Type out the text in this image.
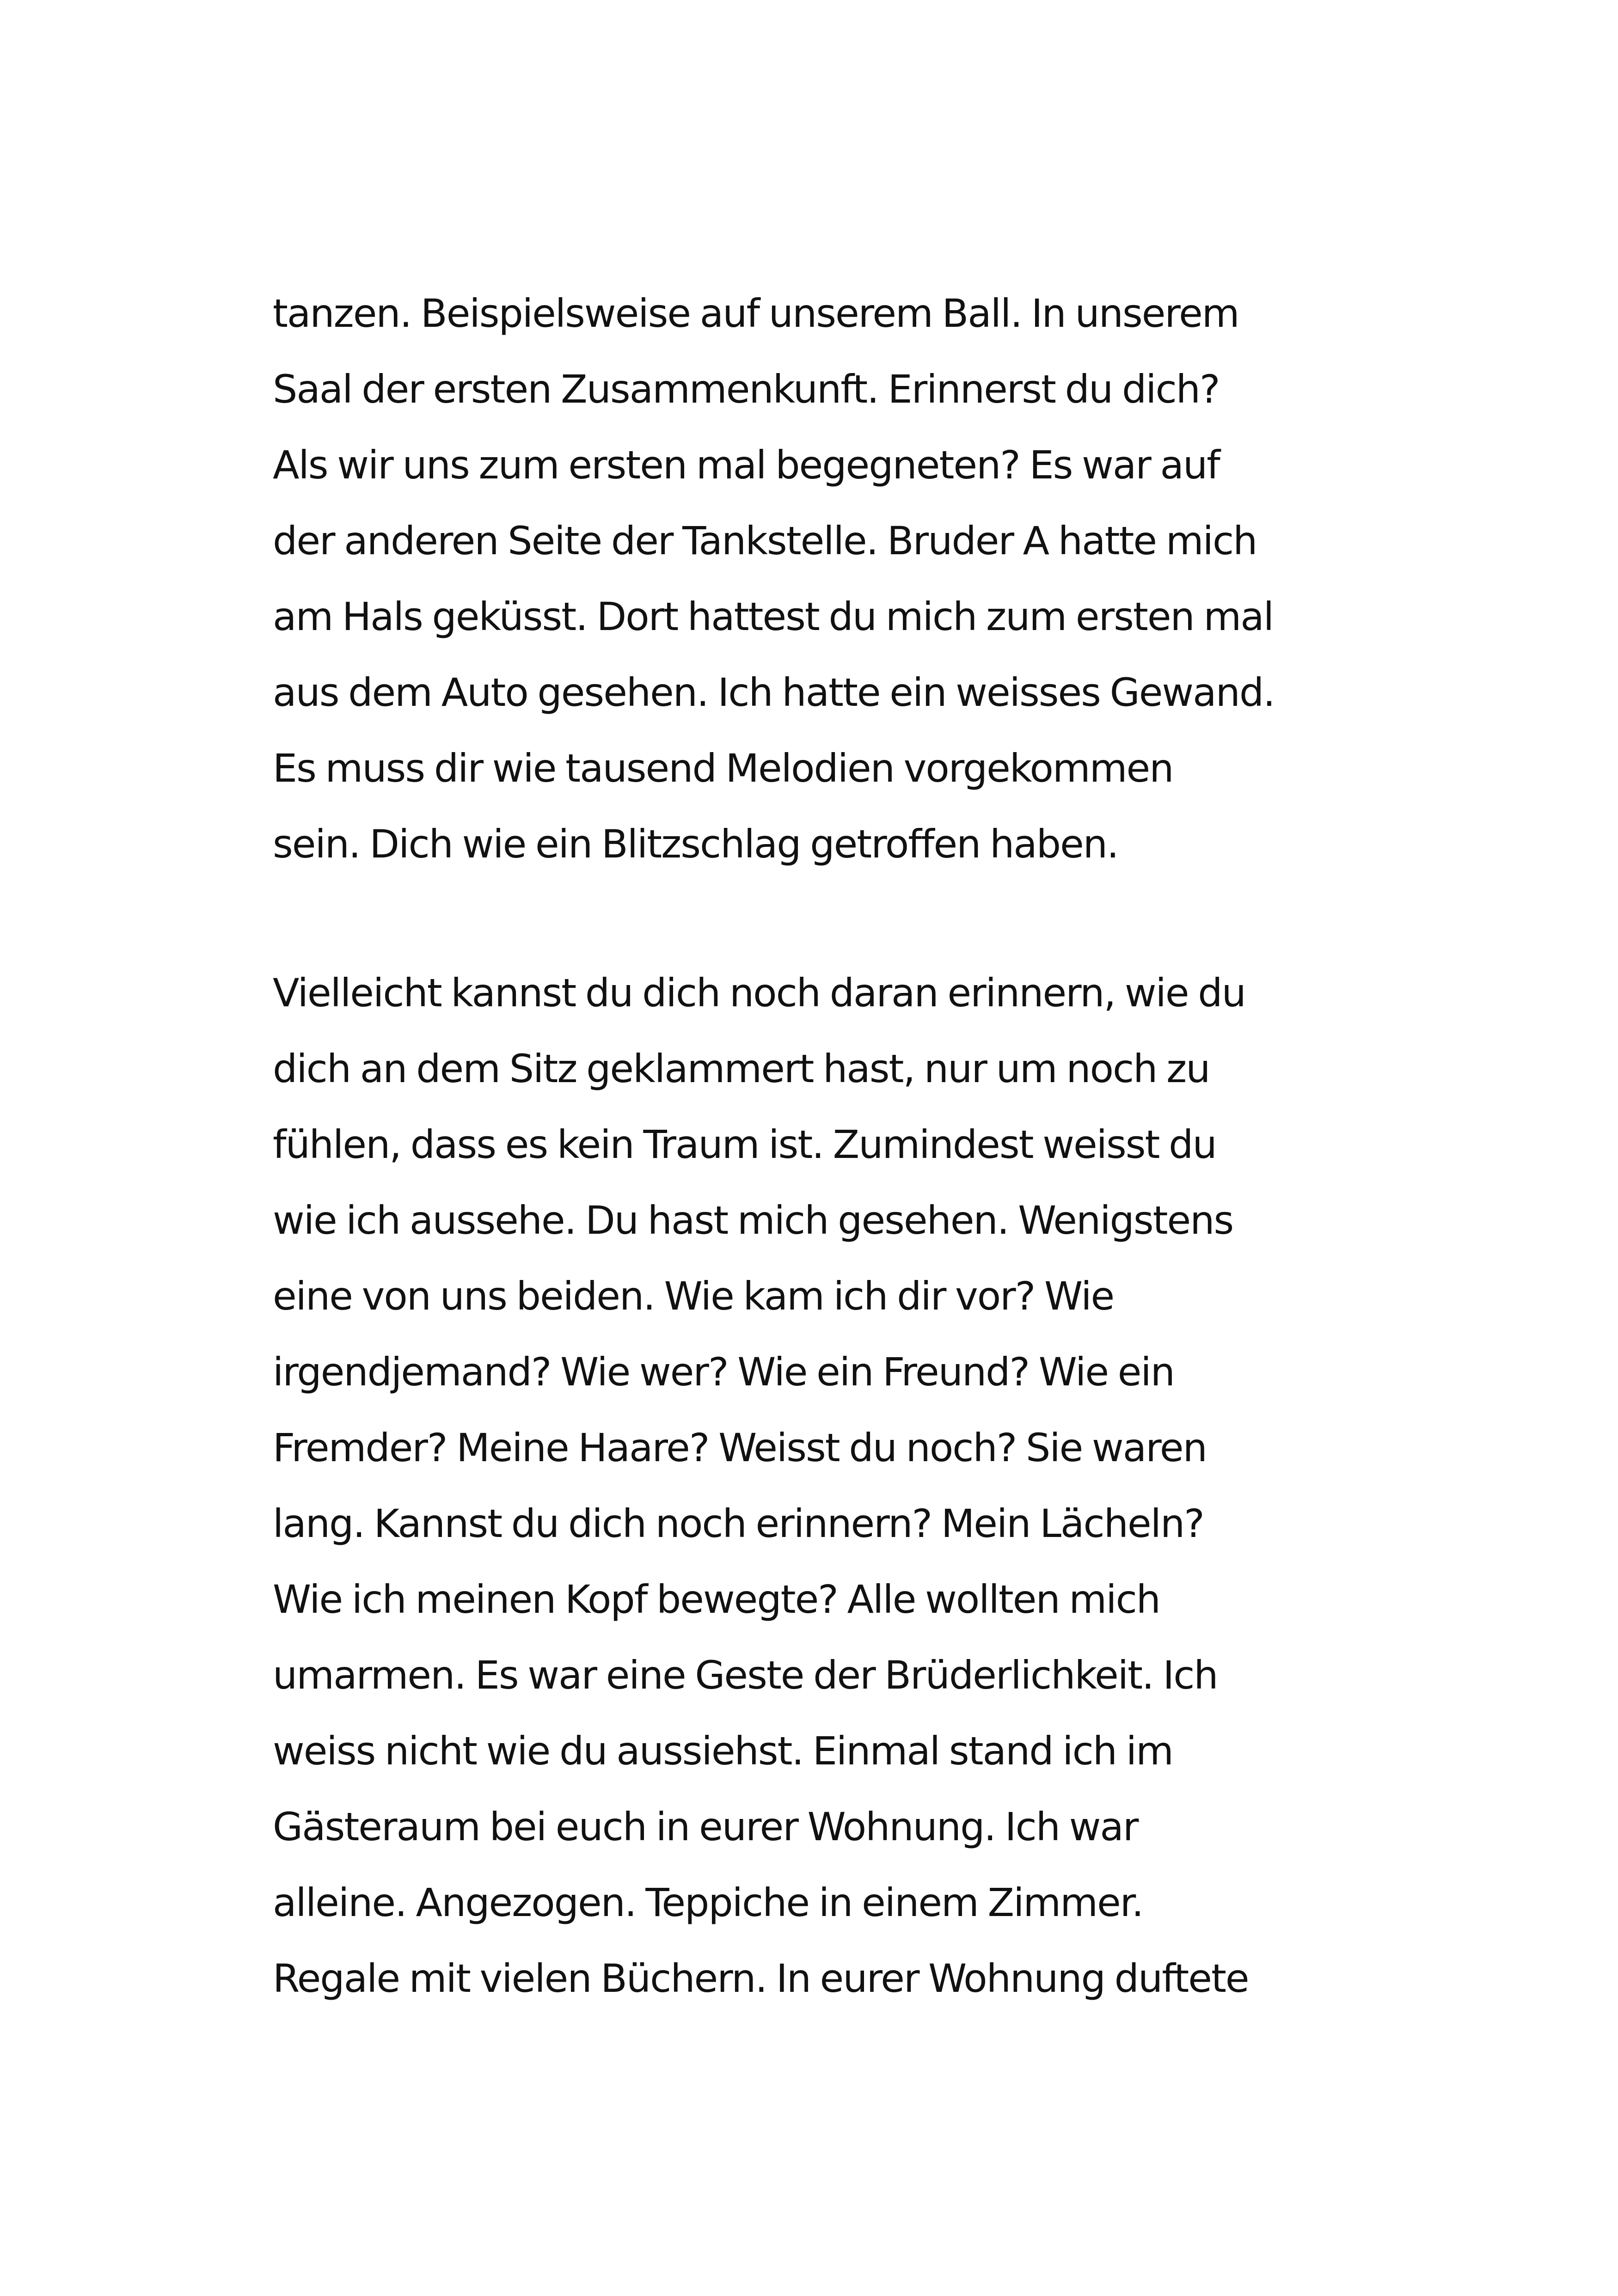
tanzen. Beispielsweise auf unserem Ball. In unserem
Saal der ersten Zusammenkunft. Erinnerst du dich?
Als wir uns zum ersten mal begegneten? Es war auf
der anderen Seite der Tankstelle. Bruder A hatte mich
am Hals geküsst. Dort hattest du mich zum ersten mal
aus dem Auto gesehen. Ich hatte ein weisses Gewand.
Es muss dir wie tausend Melodien vorgekommen
sein. Dich wie ein Blitzschlag getroffen haben.
Vielleicht kannst du dich noch daran erinnern, wie du
dich an dem Sitz geklammert hast, nur um noch zu
fühlen, dass es kein Traum ist. Zumindest weisst du
wie ich aussehe. Du hast mich gesehen. Wenigstens
eine von uns beiden. Wie kam ich dir vor? Wie
irgendjemand? Wie wer? Wie ein Freund? Wie ein
Fremder? Meine Haare? Weisst du noch? Sie waren
lang. Kannst du dich noch erinnern? Mein Lächeln?
Wie ich meinen Kopf bewegte? Alle wollten mich
umarmen. Es war eine Geste der Brüderlichkeit. Ich
weiss nicht wie du aussiehst. Einmal stand ich im
Gästeraum bei euch in eurer Wohnung. Ich war
alleine. Angezogen. Teppiche in einem Zimmer.
Regale mit vielen Büchern. In eurer Wohnung duftete
